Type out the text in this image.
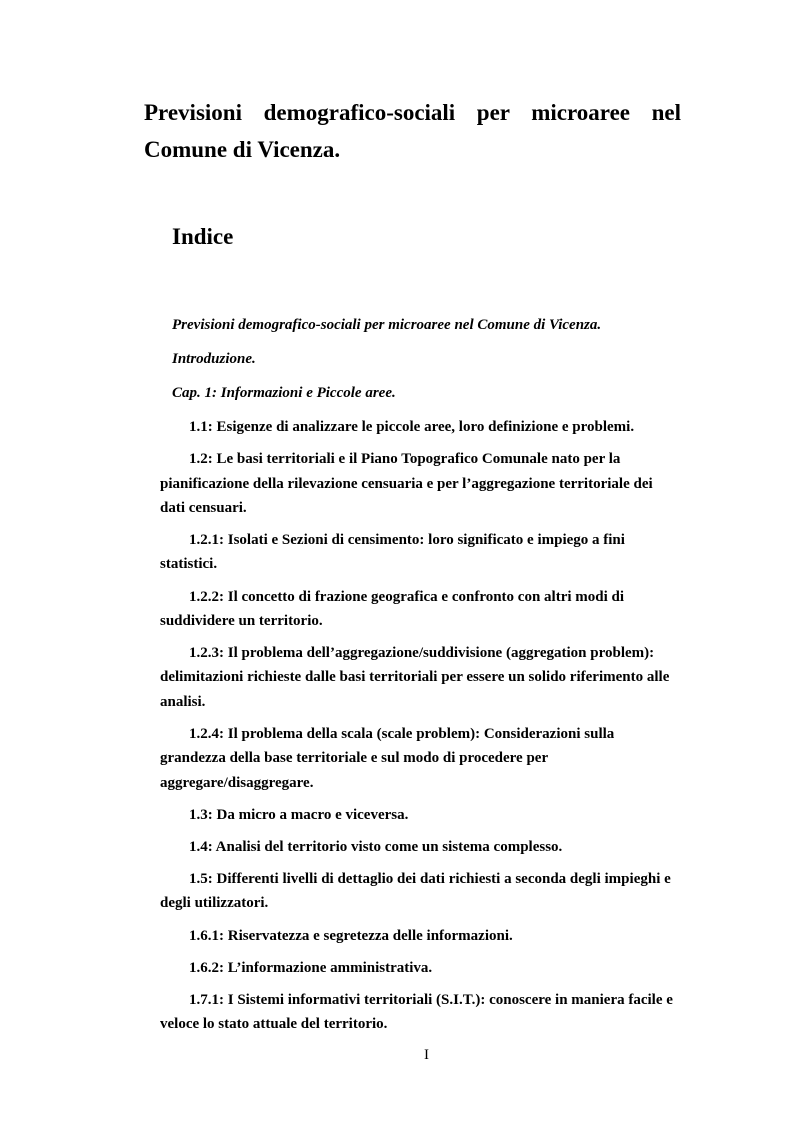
Previsioni demografico-sociali per microaree nel Comune di Vicenza.
Indice
Previsioni demografico-sociali per microaree nel Comune di Vicenza.
Introduzione.
Cap. 1: Informazioni e Piccole aree.
1.1: Esigenze di analizzare le piccole aree, loro definizione e problemi.
1.2: Le basi territoriali e il Piano Topografico Comunale nato per la pianificazione della rilevazione censuaria e per l’aggregazione territoriale dei dati censuari.
1.2.1: Isolati e Sezioni di censimento: loro significato e impiego a fini statistici.
1.2.2: Il concetto di frazione geografica e confronto con altri modi di suddividere un territorio.
1.2.3: Il problema dell’aggregazione/suddivisione (aggregation problem): delimitazioni richieste dalle basi territoriali per essere un solido riferimento alle analisi.
1.2.4: Il problema della scala (scale problem): Considerazioni sulla grandezza della base territoriale e sul modo di procedere per aggregare/disaggregare.
1.3: Da micro a macro e viceversa.
1.4: Analisi del territorio visto come un sistema complesso.
1.5: Differenti livelli di dettaglio dei dati richiesti a seconda degli impieghi e degli utilizzatori.
1.6.1: Riservatezza e segretezza delle informazioni.
1.6.2: L’informazione amministrativa.
1.7.1: I Sistemi informativi territoriali (S.I.T.): conoscere in maniera facile e veloce lo stato attuale del territorio.

I
